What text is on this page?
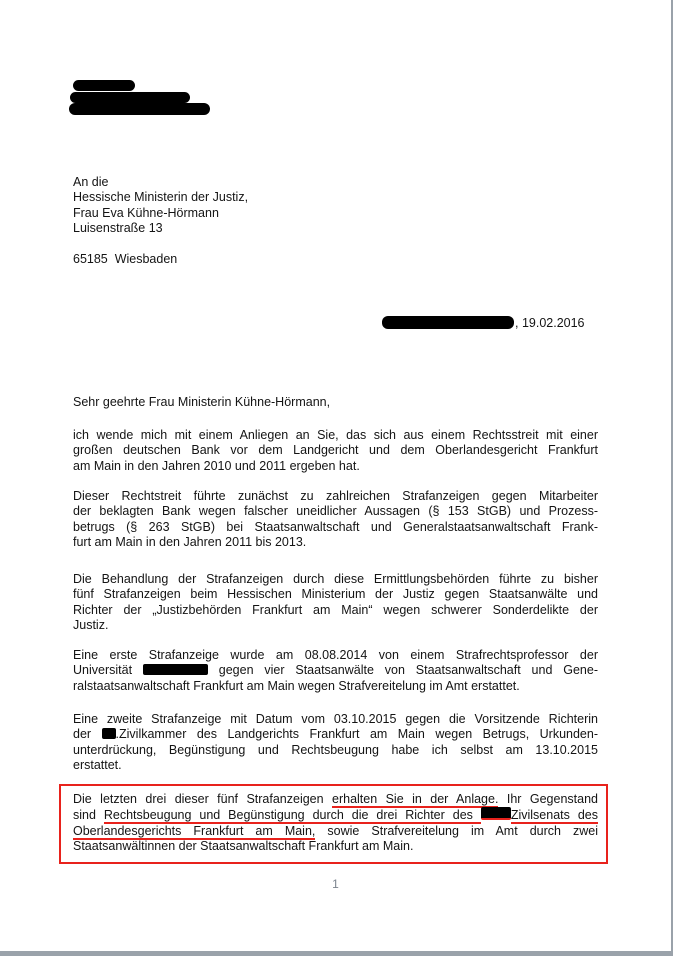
An die
Hessische Ministerin der Justiz,
Frau Eva Kühne-Hörmann
Luisenstraße 13

65185  Wiesbaden
, 19.02.2016
Sehr geehrte Frau Ministerin Kühne-Hörmann,
ich wende mich mit einem Anliegen an Sie, das sich aus einem Rechtsstreit mit einer
großen deutschen Bank vor dem Landgericht und dem Oberlandesgericht Frankfurt
am Main in den Jahren 2010 und 2011 ergeben hat.
Dieser Rechtstreit führte zunächst zu zahlreichen Strafanzeigen gegen Mitarbeiter
der beklagten Bank wegen falscher uneidlicher Aussagen (§ 153 StGB) und Prozess-
betrugs (§ 263 StGB) bei Staatsanwaltschaft und Generalstaatsanwaltschaft Frank-
furt am Main in den Jahren 2011 bis 2013.
Die Behandlung der Strafanzeigen durch diese Ermittlungsbehörden führte zu bisher
fünf Strafanzeigen beim Hessischen Ministerium der Justiz gegen Staatsanwälte und
Richter der „Justizbehörden Frankfurt am Main“ wegen schwerer Sonderdelikte der
Justiz.
Eine erste Strafanzeige wurde am 08.08.2014 von einem Strafrechtsprofessor der
Universität	gegen vier Staatsanwälte von Staatsanwaltschaft und Gene-
ralstaatsanwaltschaft Frankfurt am Main wegen Strafvereitelung im Amt erstattet.
Eine zweite Strafanzeige mit Datum vom 03.10.2015 gegen die Vorsitzende Richterin
der .Zivilkammer des Landgerichts Frankfurt am Main wegen Betrugs, Urkunden-
unterdrückung, Begünstigung und Rechtsbeugung habe ich selbst am 13.10.2015
erstattet.
Die letzten drei dieser fünf Strafanzeigen erhalten Sie in der Anlage. Ihr Gegenstand
sind Rechtsbeugung und Begünstigung durch die drei Richter des Zivilsenats des
Oberlandesgerichts Frankfurt am Main, sowie Strafvereitelung im Amt durch zwei
Staatsanwältinnen der Staatsanwaltschaft Frankfurt am Main.
1
